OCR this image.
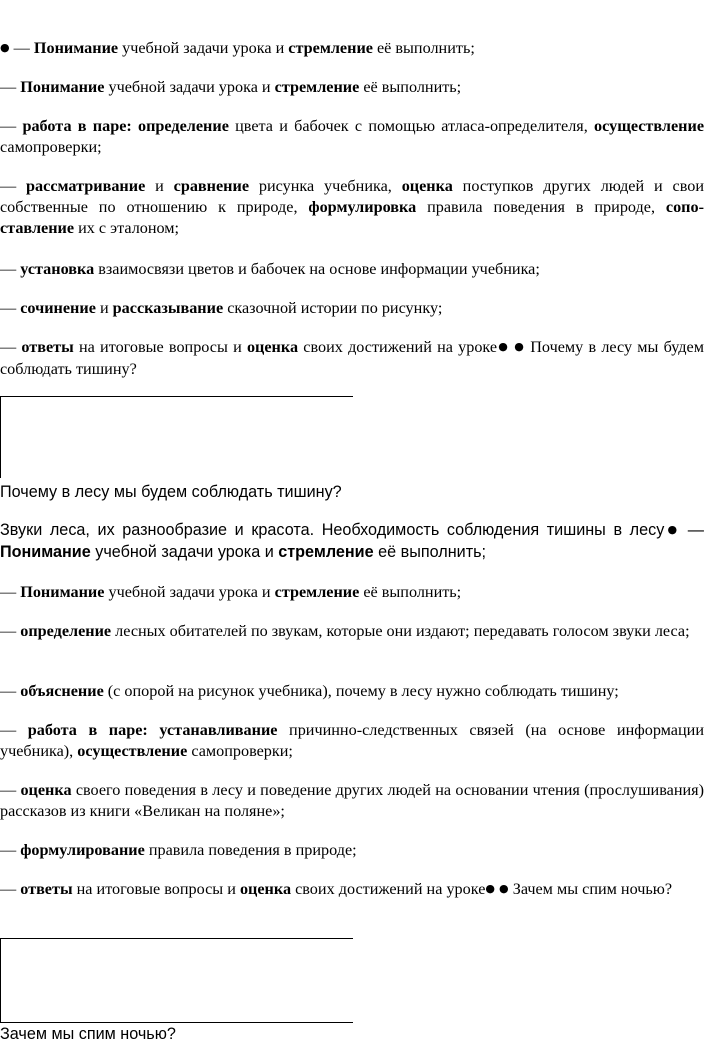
● — Понимание учебной задачи урока и стремление её выполнить;

— Понимание учебной задачи урока и стремление её выполнить;

— работа в паре: определение цвета и бабочек с помощью атласа-определителя, осуществление самопроверки;

— рассматривание и сравнение рисунка учебника, оценка поступков других людей и свои собственные по отношению к природе, формулировка правила поведения в природе, сопоставление их с эталоном;

— установка взаимосвязи цветов и бабочек на основе информации учебника;

— сочинение и рассказывание сказочной истории по рисунку;

— ответы на итоговые вопросы и оценка своих достижений на уроке● ● Почему в лесу мы будем соблюдать тишину?

Почему в лесу мы будем соблюдать тишину?

Звуки леса, их разнообразие и красота. Необходимость соблюдения тишины в лесу● — Понимание учебной задачи урока и стремление её выполнить;

— Понимание учебной задачи урока и стремление её выполнить;

— определение лесных обитателей по звукам, которые они издают; передавать голосом звуки леса;

— объяснение (с опорой на рисунок учебника), почему в лесу нужно соблюдать тишину;

— работа в паре: устанавливание причинно-следственных связей (на основе информации учебника), осуществление самопроверки;

— оценка своего поведения в лесу и поведение других людей на основании чтения (прослушивания) рассказов из книги «Великан на поляне»;

— формулирование правила поведения в природе;

— ответы на итоговые вопросы и оценка своих достижений на уроке● ● Зачем мы спим ночью?

Зачем мы спим ночью?
